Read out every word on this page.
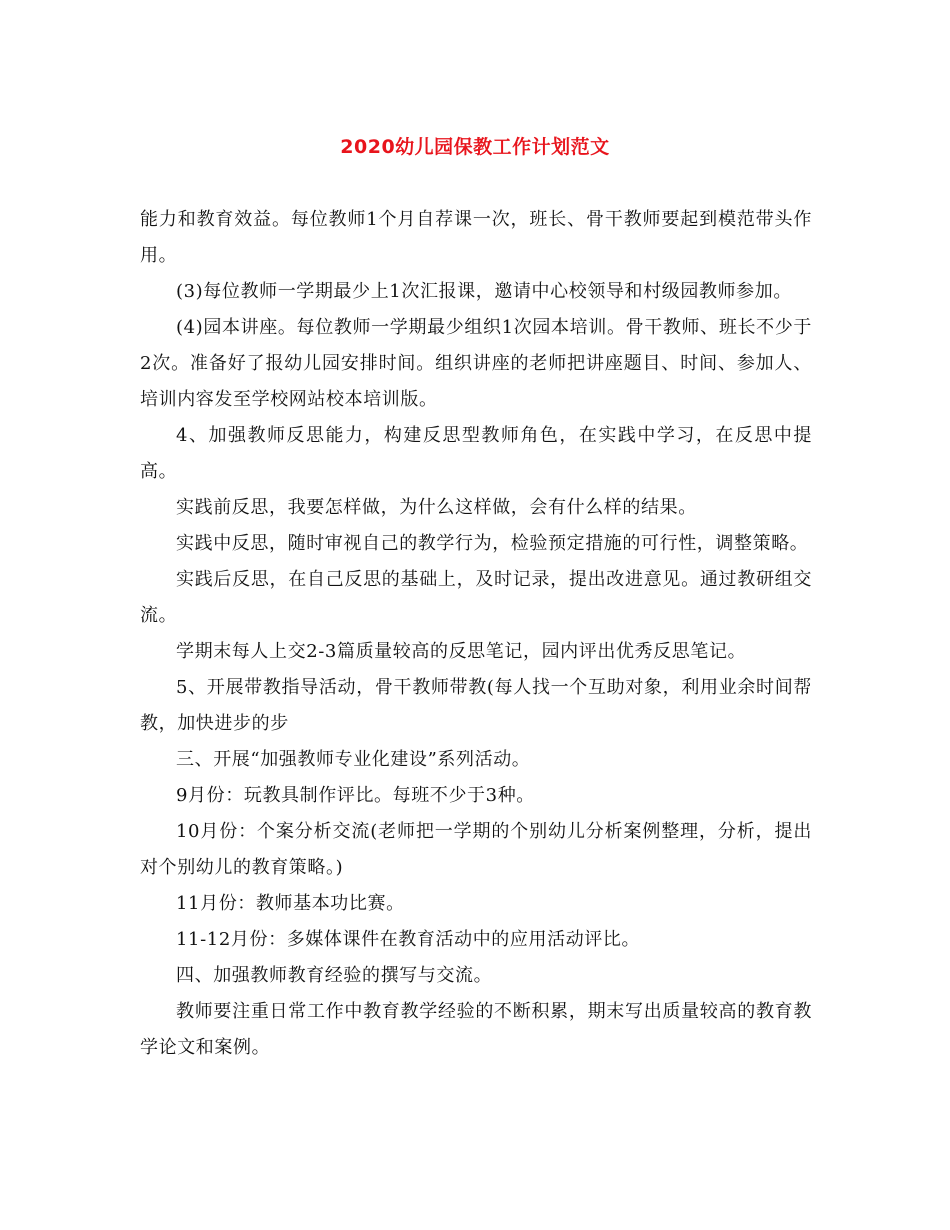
2020幼儿园保教工作计划范文

能力和教育效益。每位教师1个月自荐课一次，班长、骨干教师要起到模范带头作用。

(3)每位教师一学期最少上1次汇报课，邀请中心校领导和村级园教师参加。

(4)园本讲座。每位教师一学期最少组织1次园本培训。骨干教师、班长不少于2次。准备好了报幼儿园安排时间。组织讲座的老师把讲座题目、时间、参加人、培训内容发至学校网站校本培训版。

4、加强教师反思能力，构建反思型教师角色，在实践中学习，在反思中提高。

实践前反思，我要怎样做，为什么这样做，会有什么样的结果。

实践中反思，随时审视自己的教学行为，检验预定措施的可行性，调整策略。

实践后反思，在自己反思的基础上，及时记录，提出改进意见。通过教研组交流。

学期末每人上交2-3篇质量较高的反思笔记，园内评出优秀反思笔记。

5、开展带教指导活动，骨干教师带教(每人找一个互助对象，利用业余时间帮教，加快进步的步

三、开展“加强教师专业化建设”系列活动。

9月份：玩教具制作评比。每班不少于3种。

10月份：个案分析交流(老师把一学期的个别幼儿分析案例整理，分析，提出对个别幼儿的教育策略。)

11月份：教师基本功比赛。

11-12月份：多媒体课件在教育活动中的应用活动评比。

四、加强教师教育经验的撰写与交流。

教师要注重日常工作中教育教学经验的不断积累，期末写出质量较高的教育教学论文和案例。
